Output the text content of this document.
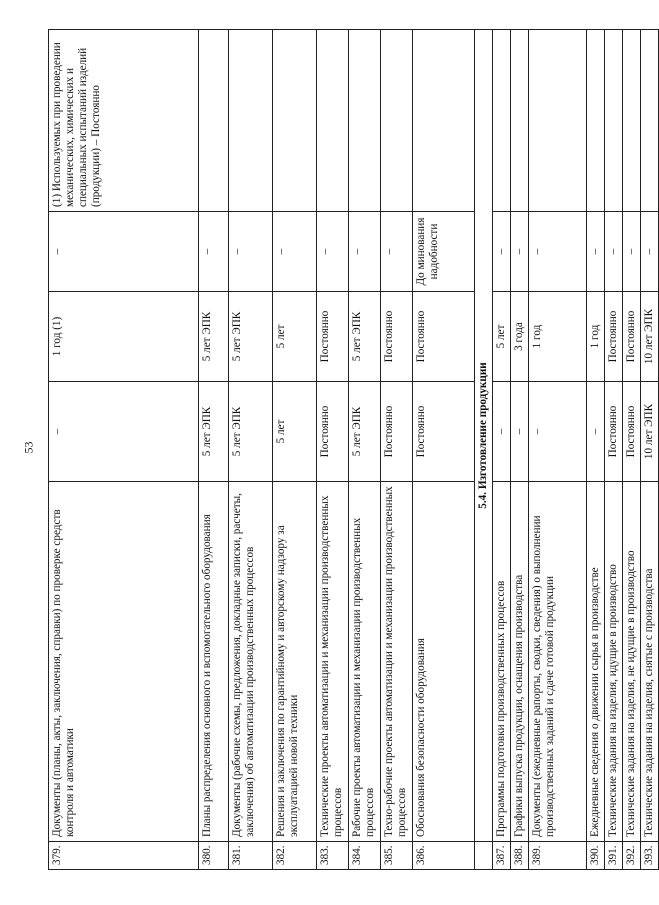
53
379.	Документы (планы, акты, заключения, справки) по проверке средств контроля и автоматики	–	1 год (1)	–	(1) Используемых при проведении механических, химических и специальных испытаний изделий (продукции) – Постоянно
380.	Планы распределения основного и вспомогательного оборудования	5 лет ЭПК	5 лет ЭПК	–	
381.	Документы (рабочие схемы, предложения, докладные записки, расчеты, заключения) об автоматизации производственных процессов	5 лет ЭПК	5 лет ЭПК	–	
382.	Решения и заключения по гарантийному и авторскому надзору за эксплуатацией новой техники	5 лет	5 лет	–	
383.	Технические проекты автоматизации и механизации производственных процессов	Постоянно	Постоянно	–	
384.	Рабочие проекты автоматизации и механизации производственных процессов	5 лет ЭПК	5 лет ЭПК	–	
385.	Техно-рабочие проекты автоматизации и механизации производственных процессов	Постоянно	Постоянно	–	
386.	Обоснования безопасности оборудования	Постоянно	Постоянно	До минования надобности	
	5.4. Изготовление продукции				
387.	Программы подготовки производственных процессов	–	5 лет	–	
388.	Графики выпуска продукции, оснащения производства	–	3 года	–	
389.	Документы (ежедневные рапорты, сводки, сведения) о выполнении производственных заданий и сдаче готовой продукции	–	1 год	–	
390.	Ежедневные сведения о движении сырья в производстве	–	1 год	–	
391.	Технические задания на изделия, идущие в производство	Постоянно	Постоянно	–	
392.	Технические задания на изделия, не идущие в производство	Постоянно	Постоянно	–	
393.	Технические задания на изделия, снятые с производства	10 лет ЭПК	10 лет ЭПК	–	
